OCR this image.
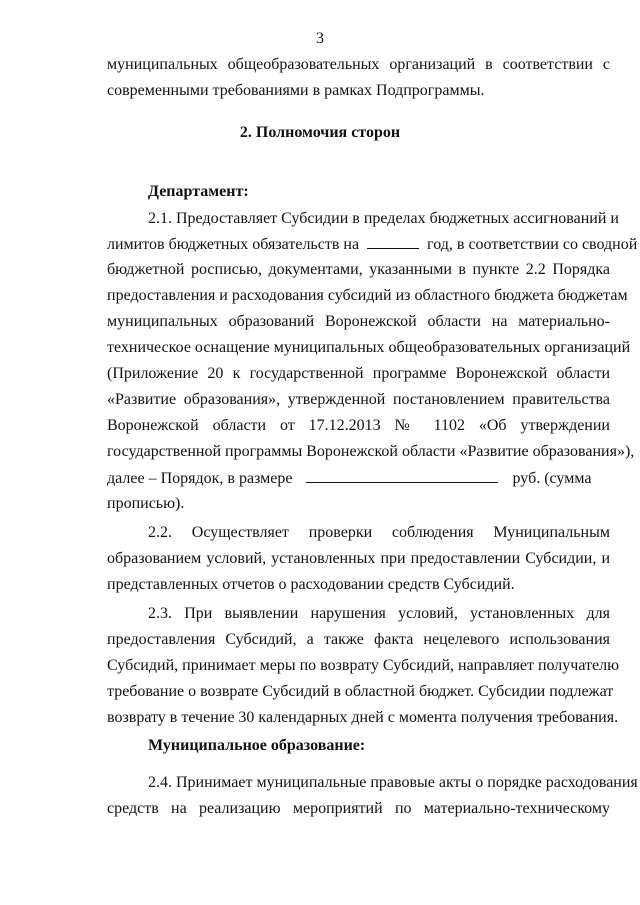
3
муниципальных общеобразовательных организаций в соответствии с
современными требованиями в рамках Подпрограммы.
2. Полномочия сторон
Департамент:
2.1. Предоставляет Субсидии в пределах бюджетных ассигнований и
лимитов бюджетных обязательств на	год, в соответствии со сводной
бюджетной росписью, документами, указанными в пункте 2.2 Порядка
предоставления и расходования субсидий из областного бюджета бюджетам
муниципальных образований Воронежской области на материально-
техническое оснащение муниципальных общеобразовательных организаций
(Приложение 20 к государственной программе Воронежской области
«Развитие образования», утвержденной постановлением правительства
Воронежской области от 17.12.2013 № 1102 «Об утверждении
государственной программы Воронежской области «Развитие образования»),
далее – Порядок, в размере	руб. (сумма
прописью).
2.2. Осуществляет проверки соблюдения Муниципальным
образованием условий, установленных при предоставлении Субсидии, и
представленных отчетов о расходовании средств Субсидий.
2.3. При выявлении нарушения условий, установленных для
предоставления Субсидий, а также факта нецелевого использования
Субсидий, принимает меры по возврату Субсидий, направляет получателю
требование о возврате Субсидий в областной бюджет. Субсидии подлежат
возврату в течение 30 календарных дней с момента получения требования.
Муниципальное образование:
2.4. Принимает муниципальные правовые акты о порядке расходования
средств на реализацию мероприятий по материально-техническому
